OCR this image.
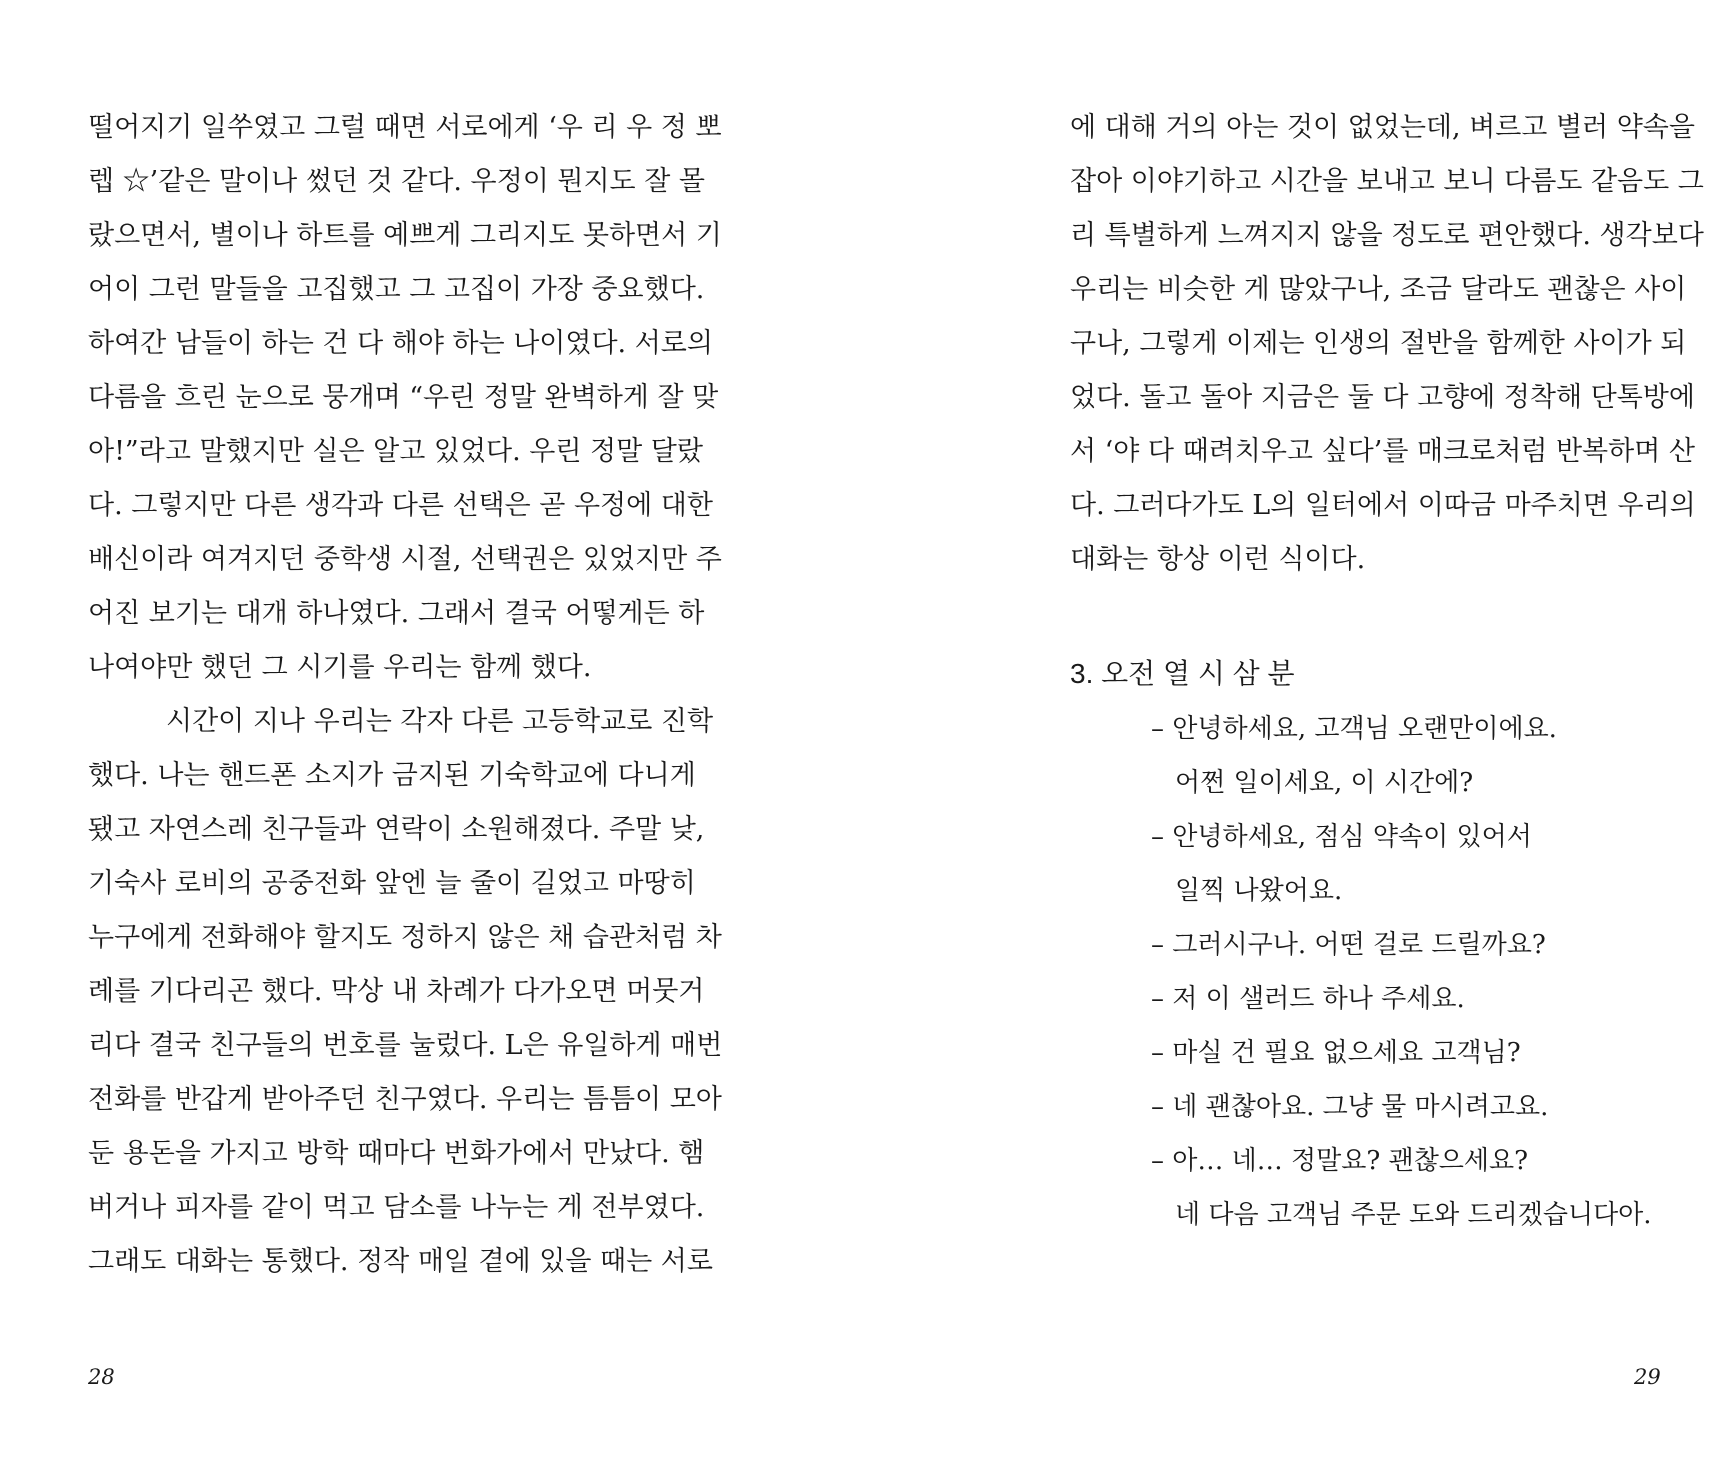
떨어지기 일쑤였고 그럴 때면 서로에게 ‘우 리 우 정 뽀
렙 ☆’같은 말이나 썼던 것 같다. 우정이 뭔지도 잘 몰
랐으면서, 별이나 하트를 예쁘게 그리지도 못하면서 기
어이 그런 말들을 고집했고 그 고집이 가장 중요했다.
하여간 남들이 하는 건 다 해야 하는 나이였다. 서로의
다름을 흐린 눈으로 뭉개며 “우린 정말 완벽하게 잘 맞
아!”라고 말했지만 실은 알고 있었다. 우린 정말 달랐
다. 그렇지만 다른 생각과 다른 선택은 곧 우정에 대한
배신이라 여겨지던 중학생 시절, 선택권은 있었지만 주
어진 보기는 대개 하나였다. 그래서 결국 어떻게든 하
나여야만 했던 그 시기를 우리는 함께 했다.
시간이 지나 우리는 각자 다른 고등학교로 진학
했다. 나는 핸드폰 소지가 금지된 기숙학교에 다니게
됐고 자연스레 친구들과 연락이 소원해졌다. 주말 낮,
기숙사 로비의 공중전화 앞엔 늘 줄이 길었고 마땅히
누구에게 전화해야 할지도 정하지 않은 채 습관처럼 차
례를 기다리곤 했다. 막상 내 차례가 다가오면 머뭇거
리다 결국 친구들의 번호를 눌렀다. L은 유일하게 매번
전화를 반갑게 받아주던 친구였다. 우리는 틈틈이 모아
둔 용돈을 가지고 방학 때마다 번화가에서 만났다. 햄
버거나 피자를 같이 먹고 담소를 나누는 게 전부였다.
그래도 대화는 통했다. 정작 매일 곁에 있을 때는 서로
28
에 대해 거의 아는 것이 없었는데, 벼르고 별러 약속을
잡아 이야기하고 시간을 보내고 보니 다름도 같음도 그
리 특별하게 느껴지지 않을 정도로 편안했다. 생각보다
우리는 비슷한 게 많았구나, 조금 달라도 괜찮은 사이
구나, 그렇게 이제는 인생의 절반을 함께한 사이가 되
었다. 돌고 돌아 지금은 둘 다 고향에 정착해 단톡방에
서 ‘야 다 때려치우고 싶다’를 매크로처럼 반복하며 산
다. 그러다가도 L의 일터에서 이따금 마주치면 우리의
대화는 항상 이런 식이다.
3. 오전 열 시 삼 분
– 안녕하세요, 고객님 오랜만이에요.
어쩐 일이세요, 이 시간에?
– 안녕하세요, 점심 약속이 있어서
일찍 나왔어요.
– 그러시구나. 어떤 걸로 드릴까요?
– 저 이 샐러드 하나 주세요.
– 마실 건 필요 없으세요 고객님?
– 네 괜찮아요. 그냥 물 마시려고요.
– 아… 네… 정말요? 괜찮으세요?
네 다음 고객님 주문 도와 드리겠습니다아.
29
